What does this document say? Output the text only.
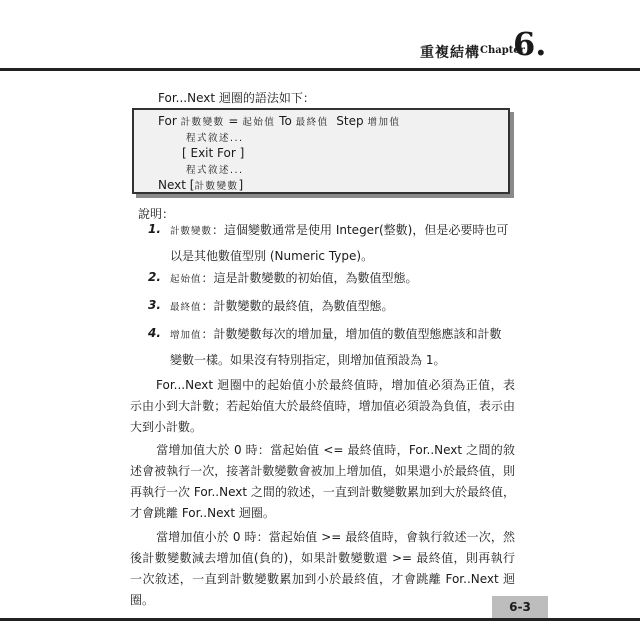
重複結構 Chapter
6.
For...Next 迴圈的語法如下：
For 計數變數 = 起始值 To 最終值 Step 增加值
程式敘述...
[ Exit For ]
程式敘述...
Next [計數變數]
說明：
1. 計數變數：這個變數通常是使用 Integer(整數)，但是必要時也可
以是其他數值型別 (Numeric Type)。
2. 起始值：這是計數變數的初始值，為數值型態。
3. 最終值：計數變數的最終值，為數值型態。
4. 增加值：計數變數每次的增加量，增加值的數值型態應該和計數
變數一樣。如果沒有特別指定，則增加值預設為 1。
For...Next 迴圈中的起始值小於最終值時，增加值必須為正值，表示由小到大計數；若起始值大於最終值時，增加值必須設為負值，表示由大到小計數。
當增加值大於 0 時：當起始值 <= 最終值時，For..Next 之間的敘述會被執行一次，接著計數變數會被加上增加值，如果還小於最終值，則再執行一次 For..Next 之間的敘述，一直到計數變數累加到大於最終值，才會跳離 For..Next 迴圈。
當增加值小於 0 時：當起始值 >= 最終值時，會執行敘述一次，然後計數變數減去增加值(負的)，如果計數變數還 >= 最終值，則再執行一次敘述，一直到計數變數累加到小於最終值，才會跳離 For..Next 迴圈。	6-3
